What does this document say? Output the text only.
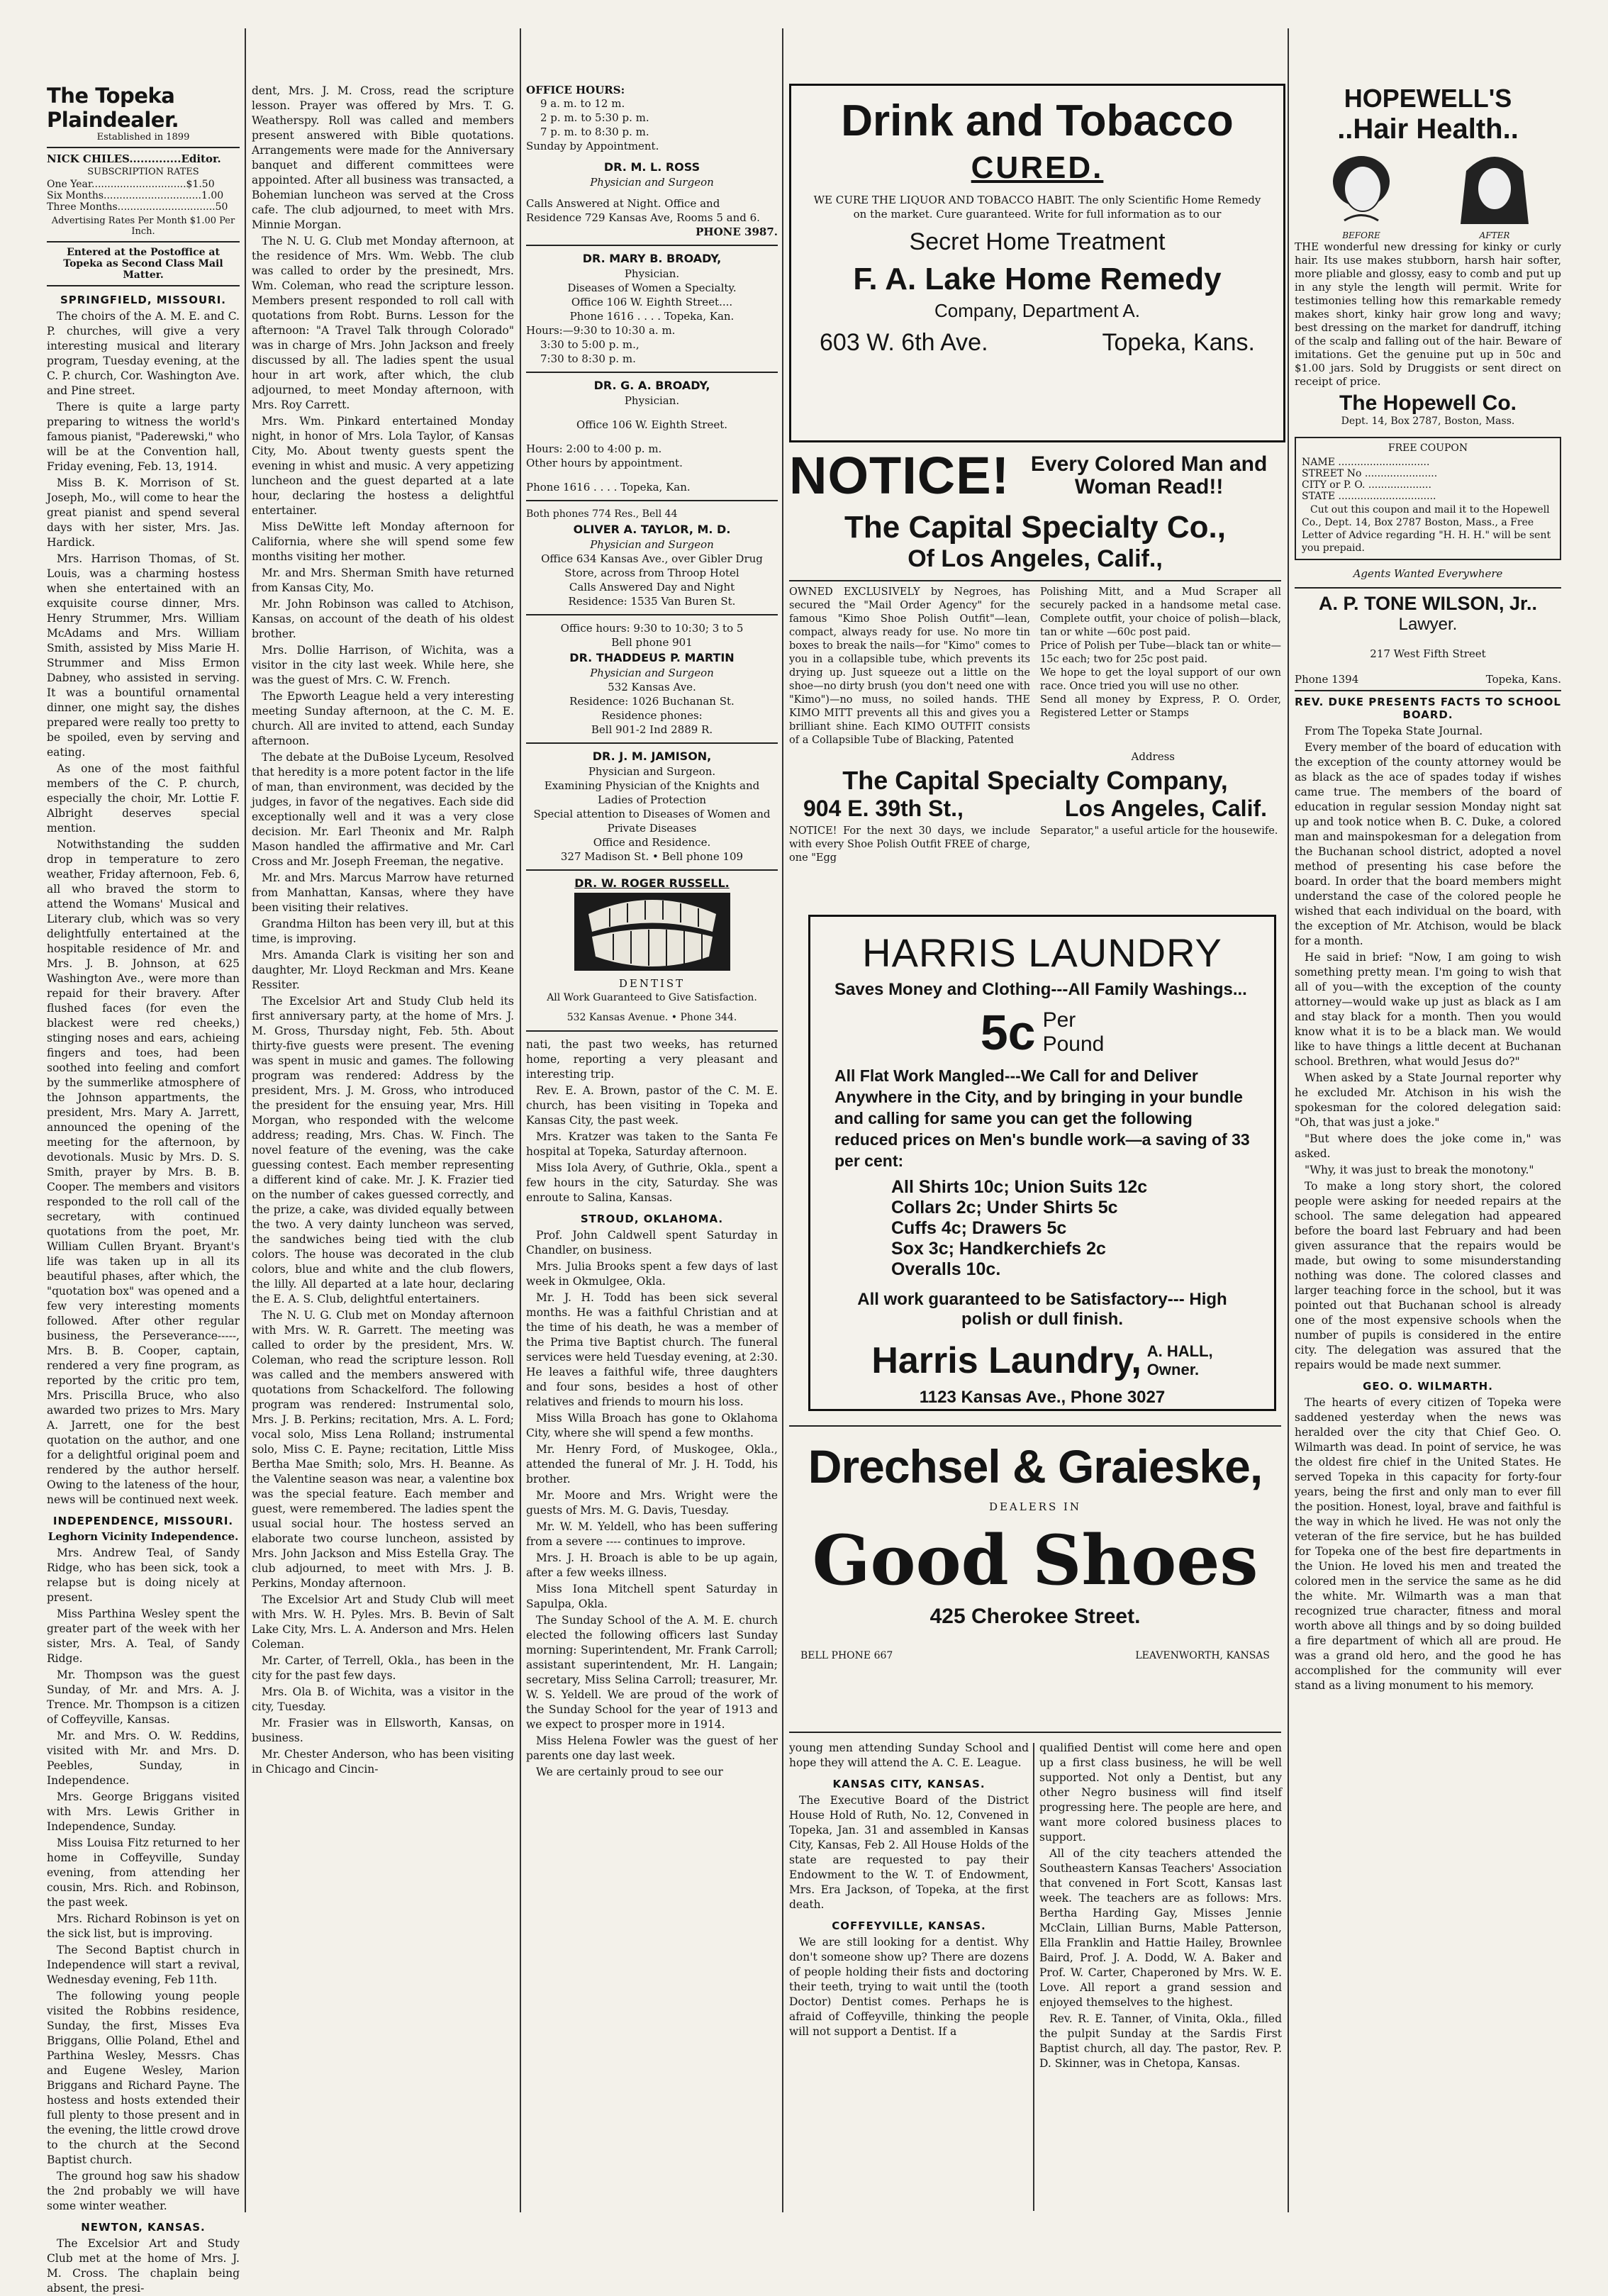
The Topeka Plaindealer.

Established in 1899

NICK CHILES..............Editor.

SUBSCRIPTION RATES

One Year..............................$1.50

Six Months...............................1.00

Three Months...............................50

Advertising Rates Per Month $1.00 Per Inch.

Entered at the Postoffice at Topeka as Second Class Mail Matter.

SPRINGFIELD, MISSOURI.

The choirs of the A. M. E. and C. P. churches, will give a very interesting musical and literary program, Tuesday evening, at the C. P. church, Cor. Washington Ave. and Pine street.

There is quite a large party preparing to witness the world's famous pianist, "Paderewski," who will be at the Convention hall, Friday evening, Feb. 13, 1914.

Miss B. K. Morrison of St. Joseph, Mo., will come to hear the great pianist and spend several days with her sister, Mrs. Jas. Hardick.

Mrs. Harrison Thomas, of St. Louis, was a charming hostess when she entertained with an exquisite course dinner, Mrs. Henry Strummer, Mrs. William McAdams and Mrs. William Smith, assisted by Miss Marie H. Strummer and Miss Ermon Dabney, who assisted in serving. It was a bountiful ornamental dinner, one might say, the dishes prepared were really too pretty to be spoiled, even by serving and eating.

As one of the most faithful members of the C. P. church, especially the choir, Mr. Lottie F. Albright deserves special mention.

Notwithstanding the sudden drop in temperature to zero weather, Friday afternoon, Feb. 6, all who braved the storm to attend the Womans' Musical and Literary club, which was so very delightfully entertained at the hospitable residence of Mr. and Mrs. J. B. Johnson, at 625 Washington Ave., were more than repaid for their bravery. After flushed faces (for even the blackest were red cheeks,) stinging noses and ears, achieing fingers and toes, had been soothed into feeling and comfort by the summerlike atmosphere of the Johnson appartments, the president, Mrs. Mary A. Jarrett, announced the opening of the meeting for the afternoon, by devotionals. Music by Mrs. D. S. Smith, prayer by Mrs. B. B. Cooper. The members and visitors responded to the roll call of the secretary, with continued quotations from the poet, Mr. William Cullen Bryant. Bryant's life was taken up in all its beautiful phases, after which, the "quotation box" was opened and a few very interesting moments followed. After other regular business, the Perseverance-----, Mrs. B. B. Cooper, captain, rendered a very fine program, as reported by the critic pro tem, Mrs. Priscilla Bruce, who also awarded two prizes to Mrs. Mary A. Jarrett, one for the best quotation on the author, and one for a delightful original poem and rendered by the author herself. Owing to the lateness of the hour, news will be continued next week.

INDEPENDENCE, MISSOURI.

Leghorn Vicinity Independence.

Mrs. Andrew Teal, of Sandy Ridge, who has been sick, took a relapse but is doing nicely at present.

Miss Parthina Wesley spent the greater part of the week with her sister, Mrs. A. Teal, of Sandy Ridge.

Mr. Thompson was the guest Sunday, of Mr. and Mrs. A. J. Trence. Mr. Thompson is a citizen of Coffeyville, Kansas.

Mr. and Mrs. O. W. Reddins, visited with Mr. and Mrs. D. Peebles, Sunday, in Independence.

Mrs. George Briggans visited with Mrs. Lewis Grither in Independence, Sunday.

Miss Louisa Fitz returned to her home in Coffeyville, Sunday evening, from attending her cousin, Mrs. Rich. and Robinson, the past week.

Mrs. Richard Robinson is yet on the sick list, but is improving.

The Second Baptist church in Independence will start a revival, Wednesday evening, Feb 11th.

The following young people visited the Robbins residence, Sunday, the first, Misses Eva Briggans, Ollie Poland, Ethel and Parthina Wesley, Messrs. Chas and Eugene Wesley, Marion Briggans and Richard Payne. The hostess and hosts extended their full plenty to those present and in the evening, the little crowd drove to the church at the Second Baptist church.

The ground hog saw his shadow the 2nd probably we will have some winter weather.

NEWTON, KANSAS.

The Excelsior Art and Study Club met at the home of Mrs. J. M. Cross. The chaplain being absent, the presi-

dent, Mrs. J. M. Cross, read the scripture lesson. Prayer was offered by Mrs. T. G. Weatherspy. Roll was called and members present answered with Bible quotations. Arrangements were made for the Anniversary banquet and different committees were appointed. After all business was transacted, a Bohemian luncheon was served at the Cross cafe. The club adjourned, to meet with Mrs. Minnie Morgan.

The N. U. G. Club met Monday afternoon, at the residence of Mrs. Wm. Webb. The club was called to order by the presinedt, Mrs. Wm. Coleman, who read the scripture lesson. Members present responded to roll call with quotations from Robt. Burns. Lesson for the afternoon: "A Travel Talk through Colorado" was in charge of Mrs. John Jackson and freely discussed by all. The ladies spent the usual hour in art work, after which, the club adjourned, to meet Monday afternoon, with Mrs. Roy Carrett.

Mrs. Wm. Pinkard entertained Monday night, in honor of Mrs. Lola Taylor, of Kansas City, Mo. About twenty guests spent the evening in whist and music. A very appetizing luncheon and the guest departed at a late hour, declaring the hostess a delightful entertainer.

Miss DeWitte left Monday afternoon for California, where she will spend some few months visiting her mother.

Mr. and Mrs. Sherman Smith have returned from Kansas City, Mo.

Mr. John Robinson was called to Atchison, Kansas, on account of the death of his oldest brother.

Mrs. Dollie Harrison, of Wichita, was a visitor in the city last week. While here, she was the guest of Mrs. C. W. French.

The Epworth League held a very interesting meeting Sunday afternoon, at the C. M. E. church. All are invited to attend, each Sunday afternoon.

The debate at the DuBoise Lyceum, Resolved that heredity is a more potent factor in the life of man, than environment, was decided by the judges, in favor of the negatives. Each side did exceptionally well and it was a very close decision. Mr. Earl Theonix and Mr. Ralph Mason handled the affirmative and Mr. Carl Cross and Mr. Joseph Freeman, the negative.

Mr. and Mrs. Marcus Marrow have returned from Manhattan, Kansas, where they have been visiting their relatives.

Grandma Hilton has been very ill, but at this time, is improving.

Mrs. Amanda Clark is visiting her son and daughter, Mr. Lloyd Reckman and Mrs. Keane Ressiter.

The Excelsior Art and Study Club held its first anniversary party, at the home of Mrs. J. M. Gross, Thursday night, Feb. 5th. About thirty-five guests were present. The evening was spent in music and games. The following program was rendered: Address by the president, Mrs. J. M. Gross, who introduced the president for the ensuing year, Mrs. Hill Morgan, who responded with the welcome address; reading, Mrs. Chas. W. Finch. The novel feature of the evening, was the cake guessing contest. Each member representing a different kind of cake. Mr. J. K. Frazier tied on the number of cakes guessed correctly, and the prize, a cake, was divided equally between the two. A very dainty luncheon was served, the sandwiches being tied with the club colors. The house was decorated in the club colors, blue and white and the club flowers, the lilly. All departed at a late hour, declaring the E. A. S. Club, delightful entertainers.

The N. U. G. Club met on Monday afternoon with Mrs. W. R. Garrett. The meeting was called to order by the president, Mrs. W. Coleman, who read the scripture lesson. Roll was called and the members answered with quotations from Schackelford. The following program was rendered: Instrumental solo, Mrs. J. B. Perkins; recitation, Mrs. A. L. Ford; vocal solo, Miss Lena Rolland; instrumental solo, Miss C. E. Payne; recitation, Little Miss Bertha Mae Smith; solo, Mrs. H. Beanne. As the Valentine season was near, a valentine box was the special feature. Each member and guest, were remembered. The ladies spent the usual social hour. The hostess served an elaborate two course luncheon, assisted by Mrs. John Jackson and Miss Estella Gray. The club adjourned, to meet with Mrs. J. B. Perkins, Monday afternoon.

The Excelsior Art and Study Club will meet with Mrs. W. H. Pyles. Mrs. B. Bevin of Salt Lake City, Mrs. L. A. Anderson and Mrs. Helen Coleman.

Mr. Carter, of Terrell, Okla., has been in the city for the past few days.

Mrs. Ola B. of Wichita, was a visitor in the city, Tuesday.

Mr. Frasier was in Ellsworth, Kansas, on business.

Mr. Chester Anderson, who has been visiting in Chicago and Cincin-

OFFICE HOURS:

9 a. m. to 12 m.

2 p. m. to 5:30 p. m.

7 p. m. to 8:30 p. m.

Sunday by Appointment.

DR. M. L. ROSS

Physician and Surgeon

Calls Answered at Night. Office and Residence 729 Kansas Ave, Rooms 5 and 6.

PHONE 3987.

DR. MARY B. BROADY,

Physician.

Diseases of Women a Specialty.

Office 106 W. Eighth Street....

Phone 1616 . . . . Topeka, Kan.

Hours:—9:30 to 10:30 a. m.

3:30 to 5:00 p. m.,

7:30 to 8:30 p. m.

DR. G. A. BROADY,

Physician.

Office 106 W. Eighth Street.

Hours: 2:00 to 4:00 p. m.

Other hours by appointment.

Phone 1616 . . . . Topeka, Kan.

Both phones 774 Res., Bell 44

OLIVER A. TAYLOR, M. D.

Physician and Surgeon

Office 634 Kansas Ave., over Gibler Drug Store, across from Throop Hotel

Calls Answered Day and Night

Residence: 1535 Van Buren St.

Office hours: 9:30 to 10:30; 3 to 5

Bell phone 901

DR. THADDEUS P. MARTIN

Physician and Surgeon

532 Kansas Ave.

Residence: 1026 Buchanan St.

Residence phones:

Bell 901-2 Ind 2889 R.

DR. J. M. JAMISON,

Physician and Surgeon.

Examining Physician of the Knights and Ladies of Protection

Special attention to Diseases of Women and Private Diseases

Office and Residence.

327 Madison St. • Bell phone 109

DR. W. ROGER RUSSELL.

DENTIST

All Work Guaranteed to Give Satisfaction.

532 Kansas Avenue. • Phone 344.

nati, the past two weeks, has returned home, reporting a very pleasant and interesting trip.

Rev. E. A. Brown, pastor of the C. M. E. church, has been visiting in Topeka and Kansas City, the past week.

Mrs. Kratzer was taken to the Santa Fe hospital at Topeka, Saturday afternoon.

Miss Iola Avery, of Guthrie, Okla., spent a few hours in the city, Saturday. She was enroute to Salina, Kansas.

STROUD, OKLAHOMA.

Prof. John Caldwell spent Saturday in Chandler, on business.

Mrs. Julia Brooks spent a few days of last week in Okmulgee, Okla.

Mr. J. H. Todd has been sick several months. He was a faithful Christian and at the time of his death, he was a member of the Prima tive Baptist church. The funeral services were held Tuesday evening, at 2:30. He leaves a faithful wife, three daughters and four sons, besides a host of other relatives and friends to mourn his loss.

Miss Willa Broach has gone to Oklahoma City, where she will spend a few months.

Mr. Henry Ford, of Muskogee, Okla., attended the funeral of Mr. J. H. Todd, his brother.

Mr. Moore and Mrs. Wright were the guests of Mrs. M. G. Davis, Tuesday.

Mr. W. M. Yeldell, who has been suffering from a severe ---- continues to improve.

Mrs. J. H. Broach is able to be up again, after a few weeks illness.

Miss Iona Mitchell spent Saturday in Sapulpa, Okla.

The Sunday School of the A. M. E. church elected the following officers last Sunday morning: Superintendent, Mr. Frank Carroll; assistant superintendent, Mr. H. Langain; secretary, Miss Selina Carroll; treasurer, Mr. W. S. Yeldell. We are proud of the work of the Sunday School for the year of 1913 and we expect to prosper more in 1914.

Miss Helena Fowler was the guest of her parents one day last week.

We are certainly proud to see our

Drink and Tobacco

CURED.

WE CURE THE LIQUOR AND TOBACCO HABIT. The only Scientific Home Remedy on the market. Cure guaranteed. Write for full information as to our

Secret Home Treatment

F. A. Lake Home Remedy

Company, Department A.

603 W. 6th Ave.	Topeka, Kans.
NOTICE! Every Colored Man and Woman Read!!

The Capital Specialty Co.,

Of Los Angeles, Calif.,

OWNED EXCLUSIVELY by Negroes, has secured the "Mail Order Agency" for the famous "Kimo Shoe Polish Outfit"—lean, compact, always ready for use. No more tin boxes to break the nails—for "Kimo" comes to you in a collapsible tube, which prevents its drying up. Just squeeze out a little on the shoe—no dirty brush (you don't need one with "Kimo")—no muss, no soiled hands. THE KIMO MITT prevents all this and gives you a brilliant shine. Each KIMO OUTFIT consists of a Collapsible Tube of Blacking, Patented

Polishing Mitt, and a Mud Scraper all securely packed in a handsome metal case. Complete outfit, your choice of polish—black, tan or white —60c post paid.
Price of Polish per Tube—black tan or white—15c each; two for 25c post paid.
We hope to get the loyal support of our own race. Once tried you will use no other.
Send all money by Express, P. O. Order, Registered Letter or Stamps

Address

The Capital Specialty Company,

904 E. 39th St.,	Los Angeles, Calif.

NOTICE! For the next 30 days, we include with every Shoe Polish Outfit FREE of charge, one "Egg

Separator," a useful article for the housewife.

HARRIS LAUNDRY

Saves Money and Clothing---All Family Washings...

5c Per
Pound

All Flat Work Mangled---We Call for and Deliver Anywhere in the City, and by bringing in your bundle and calling for same you can get the following reduced prices on Men's bundle work—a saving of 33 per cent:

All Shirts 10c; Union Suits 12c

Collars 2c; Under Shirts 5c

Cuffs 4c; Drawers 5c

Sox 3c; Handkerchiefs 2c

Overalls 10c.

All work guaranteed to be Satisfactory--- High polish or dull finish.

Harris Laundry, A. HALL,
Owner.

1123 Kansas Ave., Phone 3027

Drechsel & Graieske,

DEALERS IN

Good Shoes

425 Cherokee Street.

BELL PHONE 667	LEAVENWORTH, KANSAS

young men attending Sunday School and hope they will attend the A. C. E. League.

KANSAS CITY, KANSAS.

The Executive Board of the District House Hold of Ruth, No. 12, Convened in Topeka, Jan. 31 and assembled in Kansas City, Kansas, Feb 2. All House Holds of the state are requested to pay their Endowment to the W. T. of Endowment, Mrs. Era Jackson, of Topeka, at the first death.

COFFEYVILLE, KANSAS.

We are still looking for a dentist. Why don't someone show up? There are dozens of people holding their fists and doctoring their teeth, trying to wait until the (tooth Doctor) Dentist comes. Perhaps he is afraid of Coffeyville, thinking the people will not support a Dentist. If a

qualified Dentist will come here and open up a first class business, he will be well supported. Not only a Dentist, but any other Negro business will find itself progressing here. The people are here, and want more colored business places to support.

All of the city teachers attended the Southeastern Kansas Teachers' Association that convened in Fort Scott, Kansas last week. The teachers are as follows: Mrs. Bertha Harding Gay, Misses Jennie McClain, Lillian Burns, Mable Patterson, Ella Franklin and Hattie Hailey, Brownlee Baird, Prof. J. A. Dodd, W. A. Baker and Prof. W. Carter, Chaperoned by Mrs. W. E. Love. All report a grand session and enjoyed themselves to the highest.

Rev. R. E. Tanner, of Vinita, Okla., filled the pulpit Sunday at the Sardis First Baptist church, all day. The pastor, Rev. P. D. Skinner, was in Chetopa, Kansas.

HOPEWELL'S

..Hair Health..

BEFORE	AFTER

THE wonderful new dressing for kinky or curly hair. Its use makes stubborn, harsh hair softer, more pliable and glossy, easy to comb and put up in any style the length will permit. Write for testimonies telling how this remarkable remedy makes short, kinky hair grow long and wavy; best dressing on the market for dandruff, itching of the scalp and falling out of the hair. Beware of imitations. Get the genuine put up in 50c and $1.00 jars. Sold by Druggists or sent direct on receipt of price.

The Hopewell Co.

Dept. 14, Box 2787, Boston, Mass.

FREE COUPON

NAME .............................

STREET No .......................

CITY or P. O. ....................

STATE ...............................

Cut out this coupon and mail it to the Hopewell Co., Dept. 14, Box 2787 Boston, Mass., a Free Letter of Advice regarding "H. H. H." will be sent you prepaid.

Agents Wanted Everywhere

A. P. TONE WILSON, Jr..

Lawyer.

217 West Fifth Street

Phone 1394	Topeka, Kans.

REV. DUKE PRESENTS FACTS TO SCHOOL BOARD.

From The Topeka State Journal.

Every member of the board of education with the exception of the county attorney would be as black as the ace of spades today if wishes came true. The members of the board of education in regular session Monday night sat up and took notice when B. C. Duke, a colored man and mainspokesman for a delegation from the Buchanan school district, adopted a novel method of presenting his case before the board. In order that the board members might understand the case of the colored people he wished that each individual on the board, with the exception of Mr. Atchison, would be black for a month.

He said in brief: "Now, I am going to wish something pretty mean. I'm going to wish that all of you—with the exception of the county attorney—would wake up just as black as I am and stay black for a month. Then you would know what it is to be a black man. We would like to have things a little decent at Buchanan school. Brethren, what would Jesus do?"

When asked by a State Journal reporter why he excluded Mr. Atchison in his wish the spokesman for the colored delegation said: "Oh, that was just a joke."

"But where does the joke come in," was asked.

"Why, it was just to break the monotony."

To make a long story short, the colored people were asking for needed repairs at the school. The same delegation had appeared before the board last February and had been given assurance that the repairs would be made, but owing to some misunderstanding nothing was done. The colored classes and larger teaching force in the school, but it was pointed out that Buchanan school is already one of the most expensive schools when the number of pupils is considered in the entire city. The delegation was assured that the repairs would be made next summer.

GEO. O. WILMARTH.

The hearts of every citizen of Topeka were saddened yesterday when the news was heralded over the city that Chief Geo. O. Wilmarth was dead. In point of service, he was the oldest fire chief in the United States. He served Topeka in this capacity for forty-four years, being the first and only man to ever fill the position. Honest, loyal, brave and faithful is the way in which he lived. He was not only the veteran of the fire service, but he has builded for Topeka one of the best fire departments in the Union. He loved his men and treated the colored men in the service the same as he did the white. Mr. Wilmarth was a man that recognized true character, fitness and moral worth above all things and by so doing builded a fire department of which all are proud. He was a grand old hero, and the good he has accomplished for the community will ever stand as a living monument to his memory.
